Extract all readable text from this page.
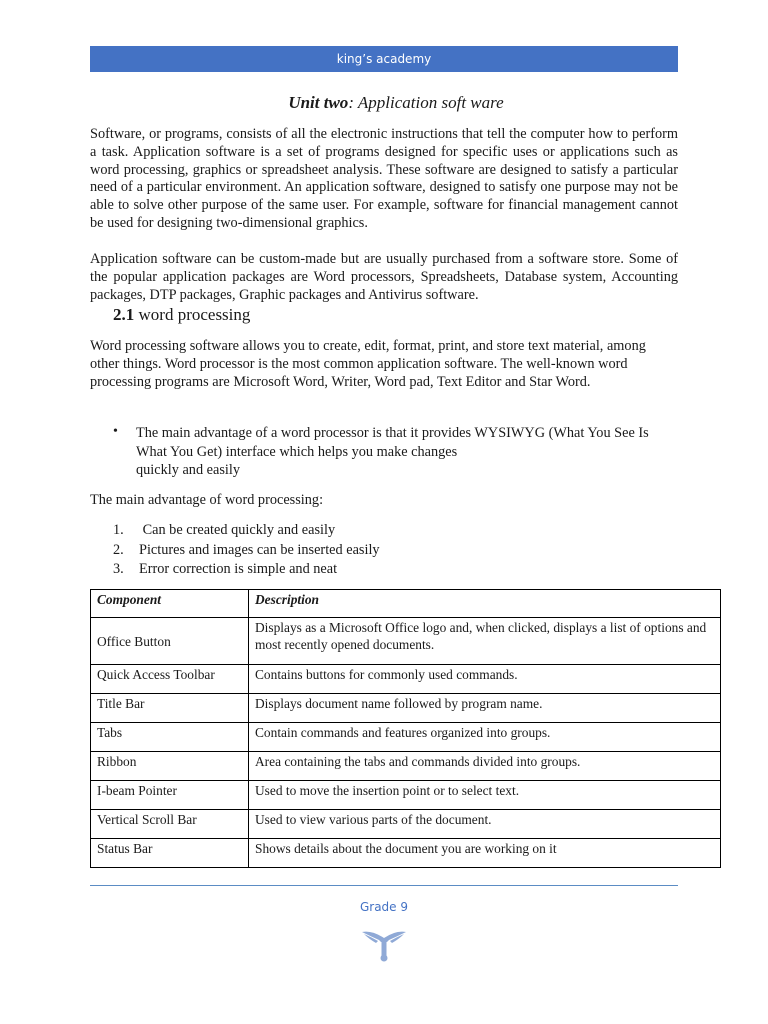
king’s academy
Unit two: Application soft ware

Software, or programs, consists of all the electronic instructions that tell the computer how to perform a task. Application software is a set of programs designed for specific uses or applications such as word processing, graphics or spreadsheet analysis. These software are designed to satisfy a particular need of a particular environment. An application software, designed to satisfy one purpose may not be able to solve other purpose of the same user. For example, software for financial management cannot be used for designing two-dimensional graphics.

Application software can be custom-made but are usually purchased from a software store. Some of the popular application packages are Word processors, Spreadsheets, Database system, Accounting packages, DTP packages, Graphic packages and Antivirus software.

2.1 word processing

Word processing software allows you to create, edit, format, print, and store text material, among other things. Word processor is the most common application software. The well-known word processing programs are Microsoft Word, Writer, Word pad, Text Editor and Star Word.

• The main advantage of a word processor is that it provides WYSIWYG (What You See Is What You Get) interface which helps you make changes
quickly and easily

The main advantage of word processing:

1. Can be created quickly and easily
2. Pictures and images can be inserted easily
3. Error correction is simple and neat
Component	Description
Office Button	Displays as a Microsoft Office logo and, when clicked, displays a list of options and most recently opened documents.
Quick Access Toolbar	Contains buttons for commonly used commands.
Title Bar	Displays document name followed by program name.
Tabs	Contain commands and features organized into groups.
Ribbon	Area containing the tabs and commands divided into groups.
I-beam Pointer	Used to move the insertion point or to select text.
Vertical Scroll Bar	Used to view various parts of the document.
Status Bar	Shows details about the document you are working on it
Grade 9
